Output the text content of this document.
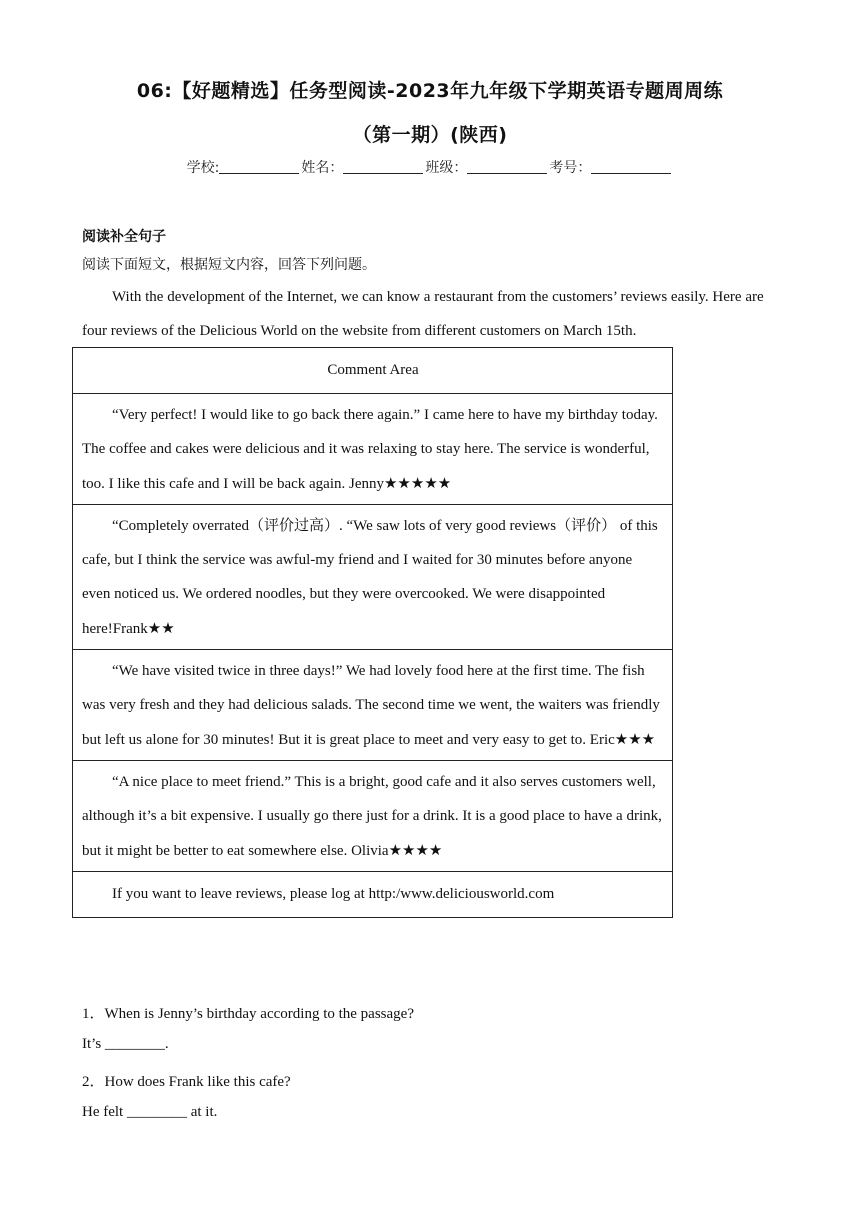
06:【好题精选】任务型阅读-2023年九年级下学期英语专题周周练
（第一期）(陕西)
学校:	姓名：	班级：	考号：
阅读补全句子
阅读下面短文，根据短文内容，回答下列问题。
With the development of the Internet, we can know a restaurant from the customers’ reviews easily. Here are four reviews of the Delicious World on the website from different customers on March 15th.
Comment Area
“Very perfect! I would like to go back there again.” I came here to have my birthday today. The coffee and cakes were delicious and it was relaxing to stay here. The service is wonderful, too. I like this cafe and I will be back again. Jenny★★★★★
“Completely overrated（评价过高）. “We saw lots of very good reviews（评价） of this cafe, but I think the service was awful-my friend and I waited for 30 minutes before anyone even noticed us. We ordered noodles, but they were overcooked. We were disappointed here!Frank★★
“We have visited twice in three days!” We had lovely food here at the first time. The fish was very fresh and they had delicious salads. The second time we went, the waiters was friendly but left us alone for 30 minutes! But it is great place to meet and very easy to get to. Eric★★★
“A nice place to meet friend.” This is a bright, good cafe and it also serves customers well, although it’s a bit expensive. I usually go there just for a drink. It is a good place to have a drink, but it might be better to eat somewhere else. Olivia★★★★
If you want to leave reviews, please log at http:/www.deliciousworld.com
1．When is Jenny’s birthday according to the passage?
It’s ________.
2．How does Frank like this cafe?
He felt ________ at it.
